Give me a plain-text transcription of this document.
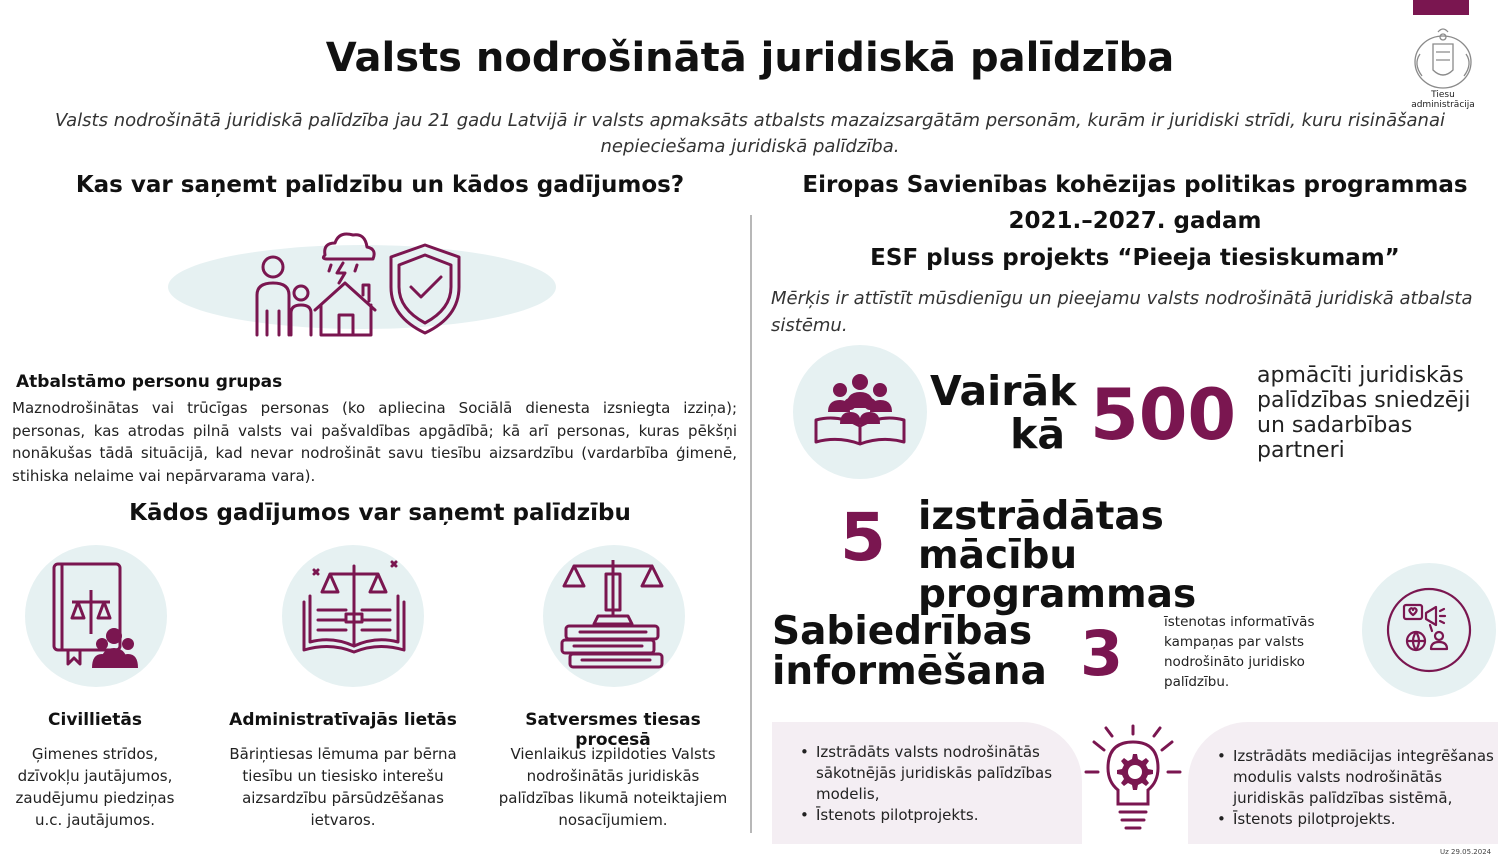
Tiesu administrācija
Valsts nodrošinātā juridiskā palīdzība
Valsts nodrošinātā juridiskā palīdzība jau 21 gadu Latvijā ir valsts apmaksāts atbalsts mazaizsargātām personām, kurām ir juridiski strīdi, kuru risināšanai nepieciešama juridiskā palīdzība.
Kas var saņemt palīdzību un kādos gadījumos?
Atbalstāmo personu grupas
Maznodrošinātas vai trūcīgas personas (ko apliecina Sociālā dienesta izsniegta izziņa); personas, kas atrodas pilnā valsts vai pašvaldības apgādībā; kā arī personas, kuras pēkšņi nonākušas tādā situācijā, kad nevar nodrošināt savu tiesību aizsardzību (vardarbība ģimenē, stihiska nelaime vai nepārvarama vara).
Kādos gadījumos var saņemt palīdzību
Civillietās
Ģimenes strīdos, dzīvokļu jautājumos, zaudējumu piedziņas u.c. jautājumos.
Administratīvajās lietās
Bāriņtiesas lēmuma par bērna tiesību un tiesisko interešu aizsardzību pārsūdzēšanas ietvaros.
Satversmes tiesas procesā
Vienlaikus izpildoties Valsts nodrošinātās juridiskās palīdzības likumā noteiktajiem nosacījumiem.
Eiropas Savienības kohēzijas politikas programmas
2021.–2027. gadam
ESF pluss projekts “Pieeja tiesiskumam”
Mērķis ir attīstīt mūsdienīgu un pieejamu valsts nodrošinātā juridiskā atbalsta sistēmu.
Vairāk kā 500 apmācīti juridiskās palīdzības sniedzēji un sadarbības partneri
5 izstrādātas mācību programmas
Sabiedrības informēšana 3	īstenotas informatīvās kampaņas par valsts nodrošināto juridisko palīdzību.
• Izstrādāts valsts nodrošinātās sākotnējās juridiskās palīdzības modelis,
• Īstenots pilotprojekts.
• Izstrādāts mediācijas integrēšanas modulis valsts nodrošinātās juridiskās palīdzības sistēmā,
• Īstenots pilotprojekts.
Uz 29.05.2024
